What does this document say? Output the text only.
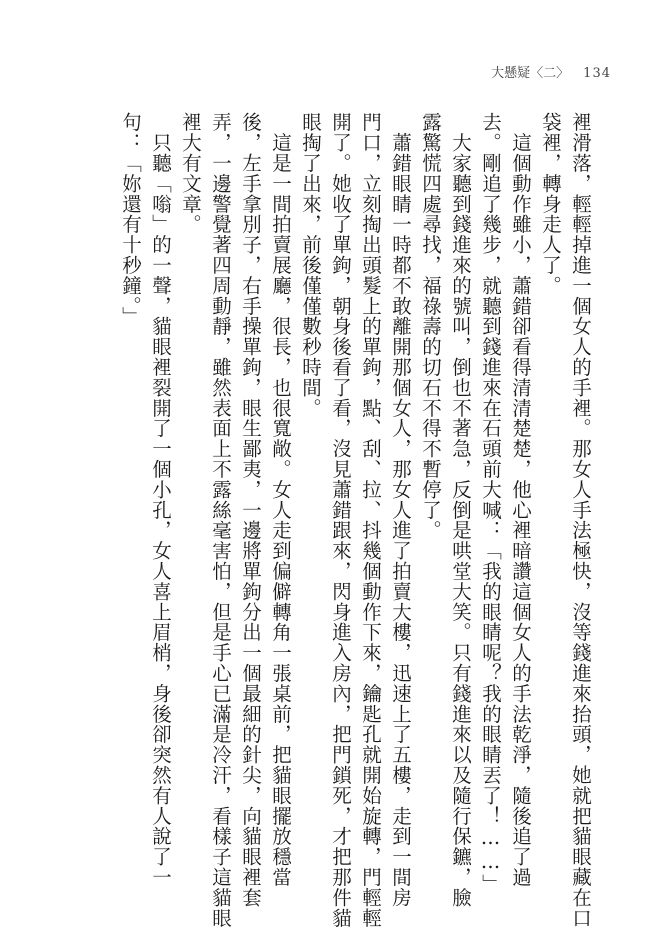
大懸疑〈二〉 134
裡滑落，輕輕掉進一個女人的手裡。那女人手法極快，沒等錢進來抬頭，她就把貓眼藏在口
袋裡，轉身走人了。
　這個動作雖小，蕭錯卻看得清清楚楚，他心裡暗讚這個女人的手法乾淨，隨後追了過
去。剛追了幾步，就聽到錢進來在石頭前大喊：「我的眼睛呢？我的眼睛丟了！……」
　大家聽到錢進來的號叫，倒也不著急，反倒是哄堂大笑。只有錢進來以及隨行保鑣，臉
露驚慌四處尋找，福祿壽的切石不得不暫停了。
　蕭錯眼睛一時都不敢離開那個女人，那女人進了拍賣大樓，迅速上了五樓，走到一間房
門口，立刻掏出頭髮上的單鉤，點、刮、拉、抖幾個動作下來，鑰匙孔就開始旋轉，門輕輕
開了。她收了單鉤，朝身後看了看，沒見蕭錯跟來，閃身進入房內，把門鎖死，才把那件貓
眼掏了出來，前後僅僅數秒時間。
　這是一間拍賣展廳，很長，也很寬敞。女人走到偏僻轉角一張桌前，把貓眼擺放穩當
後，左手拿別子，右手操單鉤，眼生鄙夷，一邊將單鉤分出一個最細的針尖，向貓眼裡套
弄，一邊警覺著四周動靜，雖然表面上不露絲毫害怕，但是手心已滿是冷汗，看樣子這貓眼
裡大有文章。
　只聽「嗡」的一聲，貓眼裡裂開了一個小孔，女人喜上眉梢，身後卻突然有人說了一
句：「妳還有十秒鐘。」
